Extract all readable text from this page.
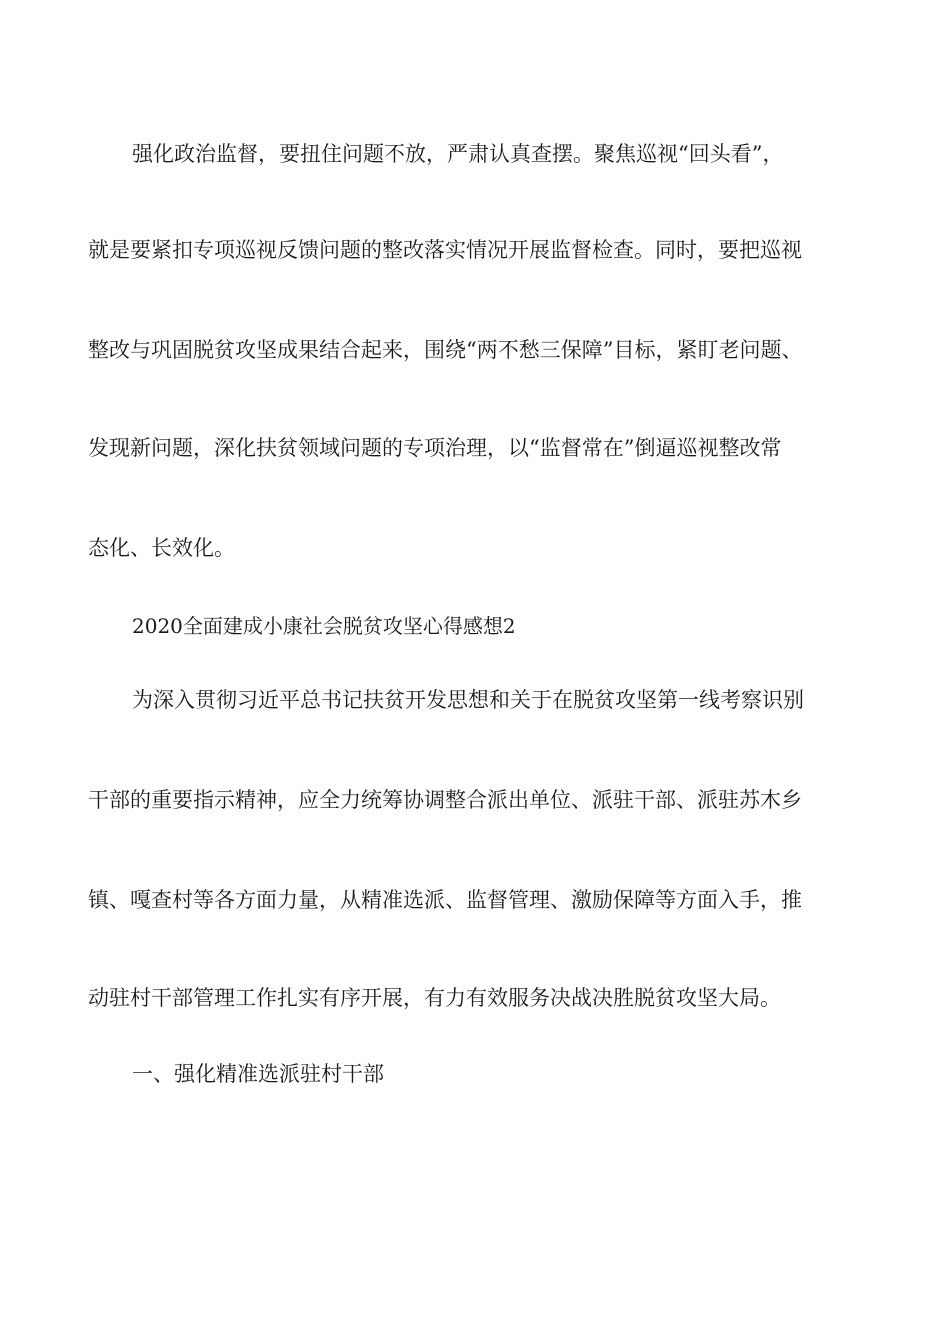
强化政治监督，要扭住问题不放，严肃认真查摆。聚焦巡视“回头看”，
就是要紧扣专项巡视反馈问题的整改落实情况开展监督检查。同时，要把巡视
整改与巩固脱贫攻坚成果结合起来，围绕“两不愁三保障”目标，紧盯老问题、
发现新问题，深化扶贫领域问题的专项治理，以“监督常在”倒逼巡视整改常
态化、长效化。
2020全面建成小康社会脱贫攻坚心得感想2
为深入贯彻习近平总书记扶贫开发思想和关于在脱贫攻坚第一线考察识别
干部的重要指示精神，应全力统筹协调整合派出单位、派驻干部、派驻苏木乡
镇、嘎查村等各方面力量，从精准选派、监督管理、激励保障等方面入手，推
动驻村干部管理工作扎实有序开展，有力有效服务决战决胜脱贫攻坚大局。
一、强化精准选派驻村干部
